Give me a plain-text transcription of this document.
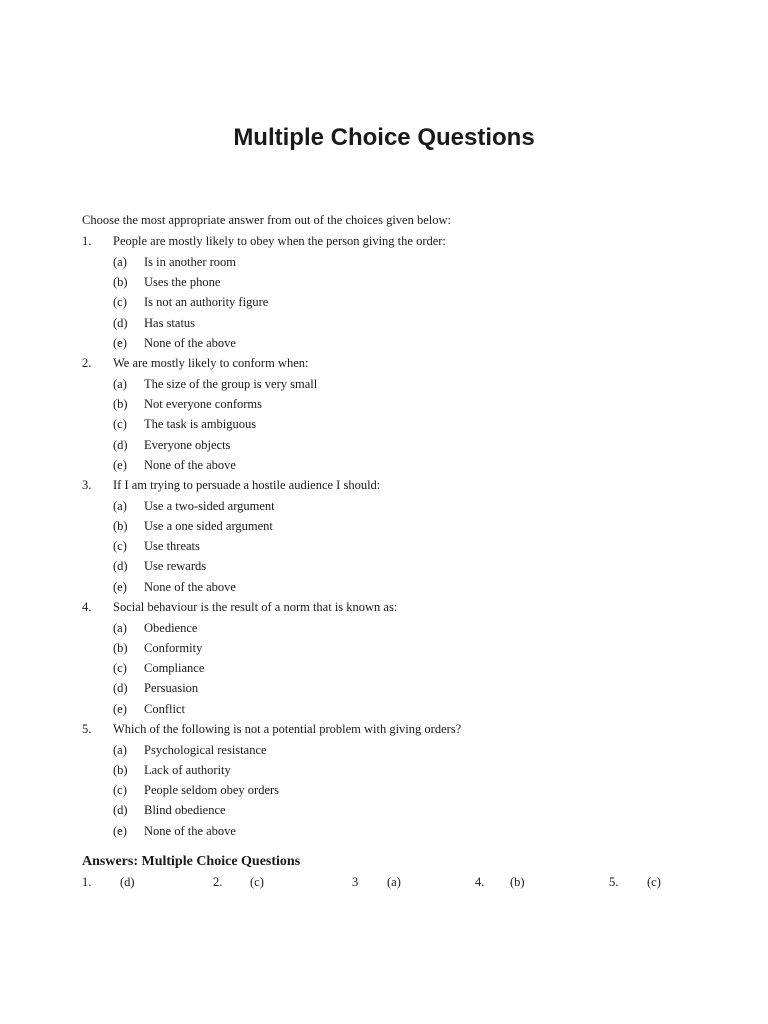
Multiple Choice Questions
Choose the most appropriate answer from out of the choices given below:
1. People are mostly likely to obey when the person giving the order:
(a) Is in another room
(b) Uses the phone
(c) Is not an authority figure
(d) Has status
(e) None of the above
2. We are mostly likely to conform when:
(a) The size of the group is very small
(b) Not everyone conforms
(c) The task is ambiguous
(d) Everyone objects
(e) None of the above
3. If I am trying to persuade a hostile audience I should:
(a) Use a two-sided argument
(b) Use a one sided argument
(c) Use threats
(d) Use rewards
(e) None of the above
4. Social behaviour is the result of a norm that is known as:
(a) Obedience
(b) Conformity
(c) Compliance
(d) Persuasion
(e) Conflict
5. Which of the following is not a potential problem with giving orders?
(a) Psychological resistance
(b) Lack of authority
(c) People seldom obey orders
(d) Blind obedience
(e) None of the above
Answers: Multiple Choice Questions
1. (d)	2. (c)	3 (a)	4. (b)	5. (c)
